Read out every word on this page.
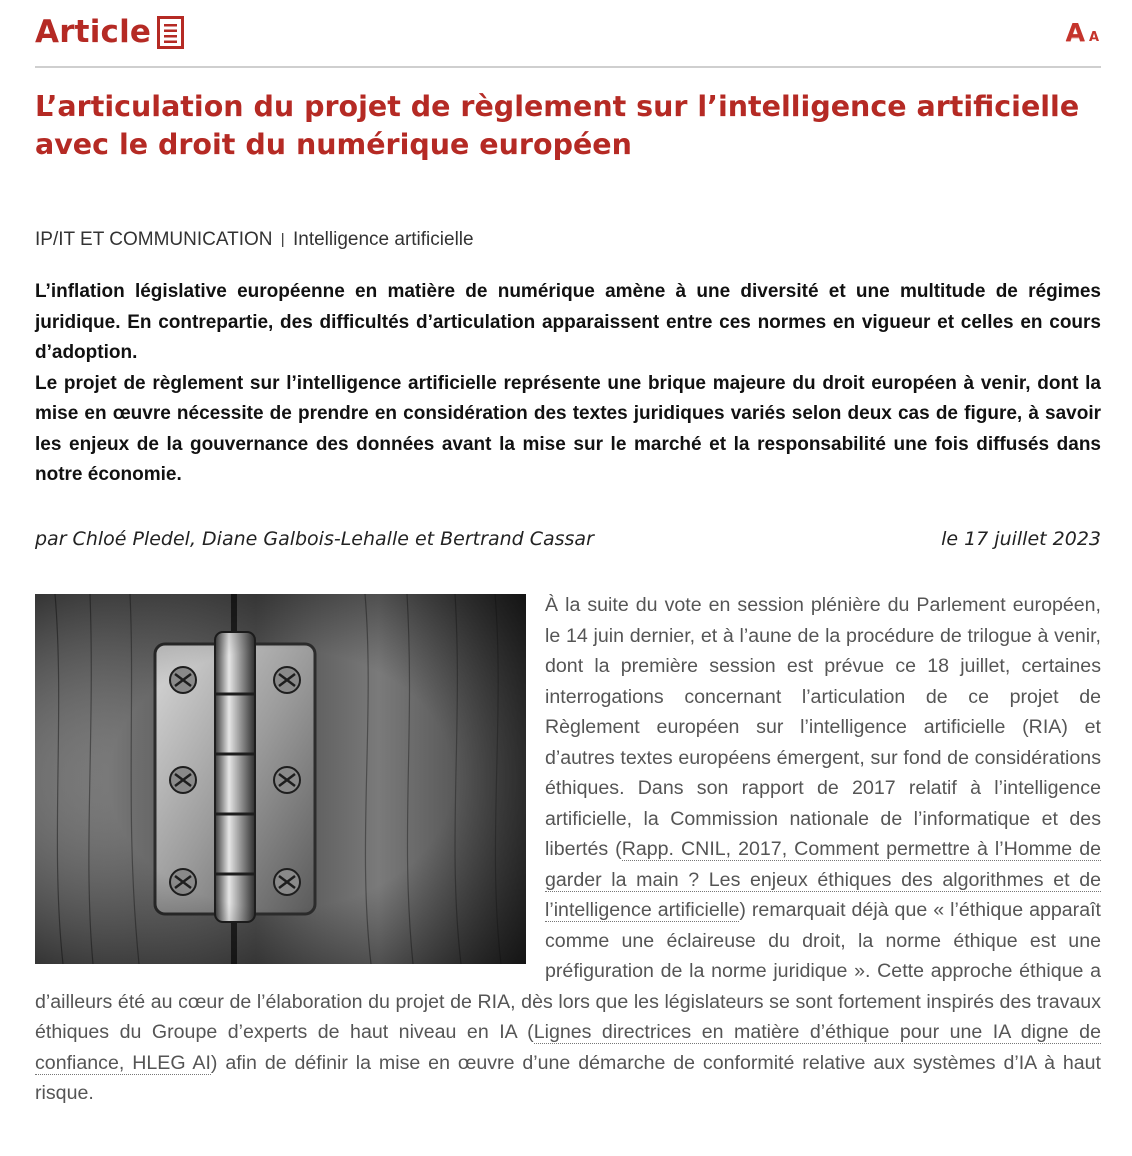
Article	A A
L’articulation du projet de règlement sur l’intelligence artificielle avec le droit du numérique européen
IP/IT ET COMMUNICATION | Intelligence artificielle

L’inflation législative européenne en matière de numérique amène à une diversité et une multitude de régimes juridique. En contrepartie, des difficultés d’articulation apparaissent entre ces normes en vigueur et celles en cours d’adoption.

Le projet de règlement sur l’intelligence artificielle représente une brique majeure du droit européen à venir, dont la mise en œuvre nécessite de prendre en considération des textes juridiques variés selon deux cas de figure, à savoir les enjeux de la gouvernance des données avant la mise sur le marché et la responsabilité une fois diffusés dans notre économie.

par Chloé Pledel, Diane Galbois-Lehalle et Bertrand Cassar	le 17 juillet 2023

À la suite du vote en session plénière du Parlement européen, le 14 juin dernier, et à l’aune de la procédure de trilogue à venir, dont la première session est prévue ce 18 juillet, certaines interrogations concernant l’articulation de ce projet de Règlement européen sur l’intelligence artificielle (RIA) et d’autres textes européens émergent, sur fond de considérations éthiques. Dans son rapport de 2017 relatif à l’intelligence artificielle, la Commission nationale de l’informatique et des libertés (Rapp. CNIL, 2017, Comment permettre à l’Homme de garder la main ? Les enjeux éthiques des algorithmes et de l’intelligence artificielle) remarquait déjà que « l’éthique apparaît comme une éclaireuse du droit, la norme éthique est une préfiguration de la norme juridique ». Cette approche éthique a d’ailleurs été au cœur de l’élaboration du projet de RIA, dès lors que les législateurs se sont fortement inspirés des travaux éthiques du Groupe d’experts de haut niveau en IA (Lignes directrices en matière d’éthique pour une IA digne de confiance, HLEG AI) afin de définir la mise en œuvre d’une démarche de conformité relative aux systèmes d’IA à haut risque.
